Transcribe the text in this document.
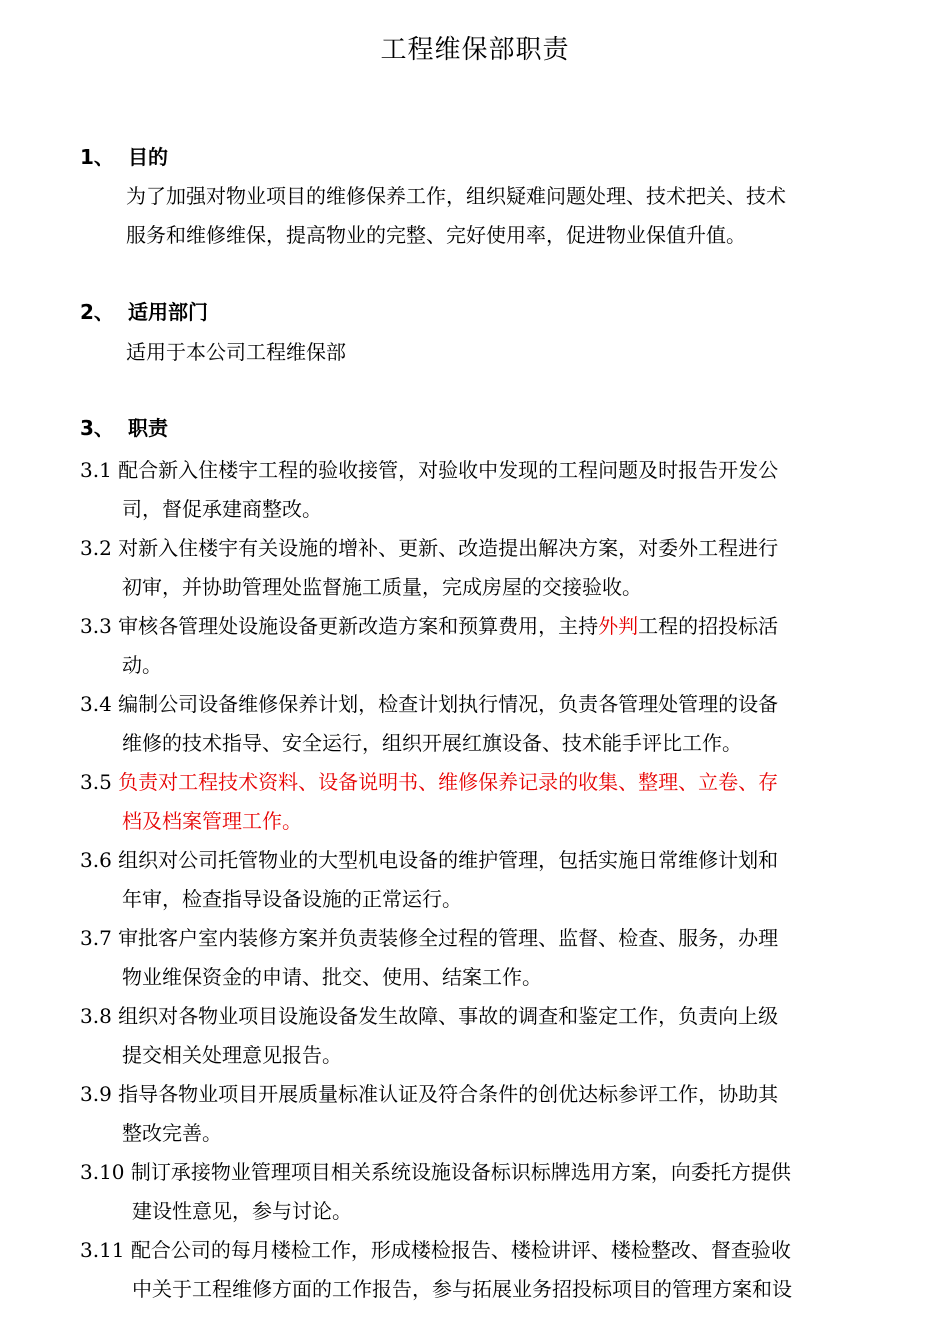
工程维保部职责
1、 目的
为了加强对物业项目的维修保养工作，组织疑难问题处理、技术把关、技术
服务和维修维保，提高物业的完整、完好使用率，促进物业保值升值。
2、 适用部门
适用于本公司工程维保部
3、 职责
3.1 配合新入住楼宇工程的验收接管，对验收中发现的工程问题及时报告开发公
司，督促承建商整改。
3.2 对新入住楼宇有关设施的增补、更新、改造提出解决方案，对委外工程进行
初审，并协助管理处监督施工质量，完成房屋的交接验收。
3.3 审核各管理处设施设备更新改造方案和预算费用，主持外判工程的招投标活
动。
3.4 编制公司设备维修保养计划，检查计划执行情况，负责各管理处管理的设备
维修的技术指导、安全运行，组织开展红旗设备、技术能手评比工作。
3.5 负责对工程技术资料、设备说明书、维修保养记录的收集、整理、立卷、存
档及档案管理工作。
3.6 组织对公司托管物业的大型机电设备的维护管理，包括实施日常维修计划和
年审，检查指导设备设施的正常运行。
3.7 审批客户室内装修方案并负责装修全过程的管理、监督、检查、服务，办理
物业维保资金的申请、批交、使用、结案工作。
3.8 组织对各物业项目设施设备发生故障、事故的调查和鉴定工作，负责向上级
提交相关处理意见报告。
3.9 指导各物业项目开展质量标准认证及符合条件的创优达标参评工作，协助其
整改完善。
3.10 制订承接物业管理项目相关系统设施设备标识标牌选用方案，向委托方提供
建设性意见，参与讨论。
3.11 配合公司的每月楼检工作，形成楼检报告、楼检讲评、楼检整改、督查验收
中关于工程维修方面的工作报告，参与拓展业务招投标项目的管理方案和设
